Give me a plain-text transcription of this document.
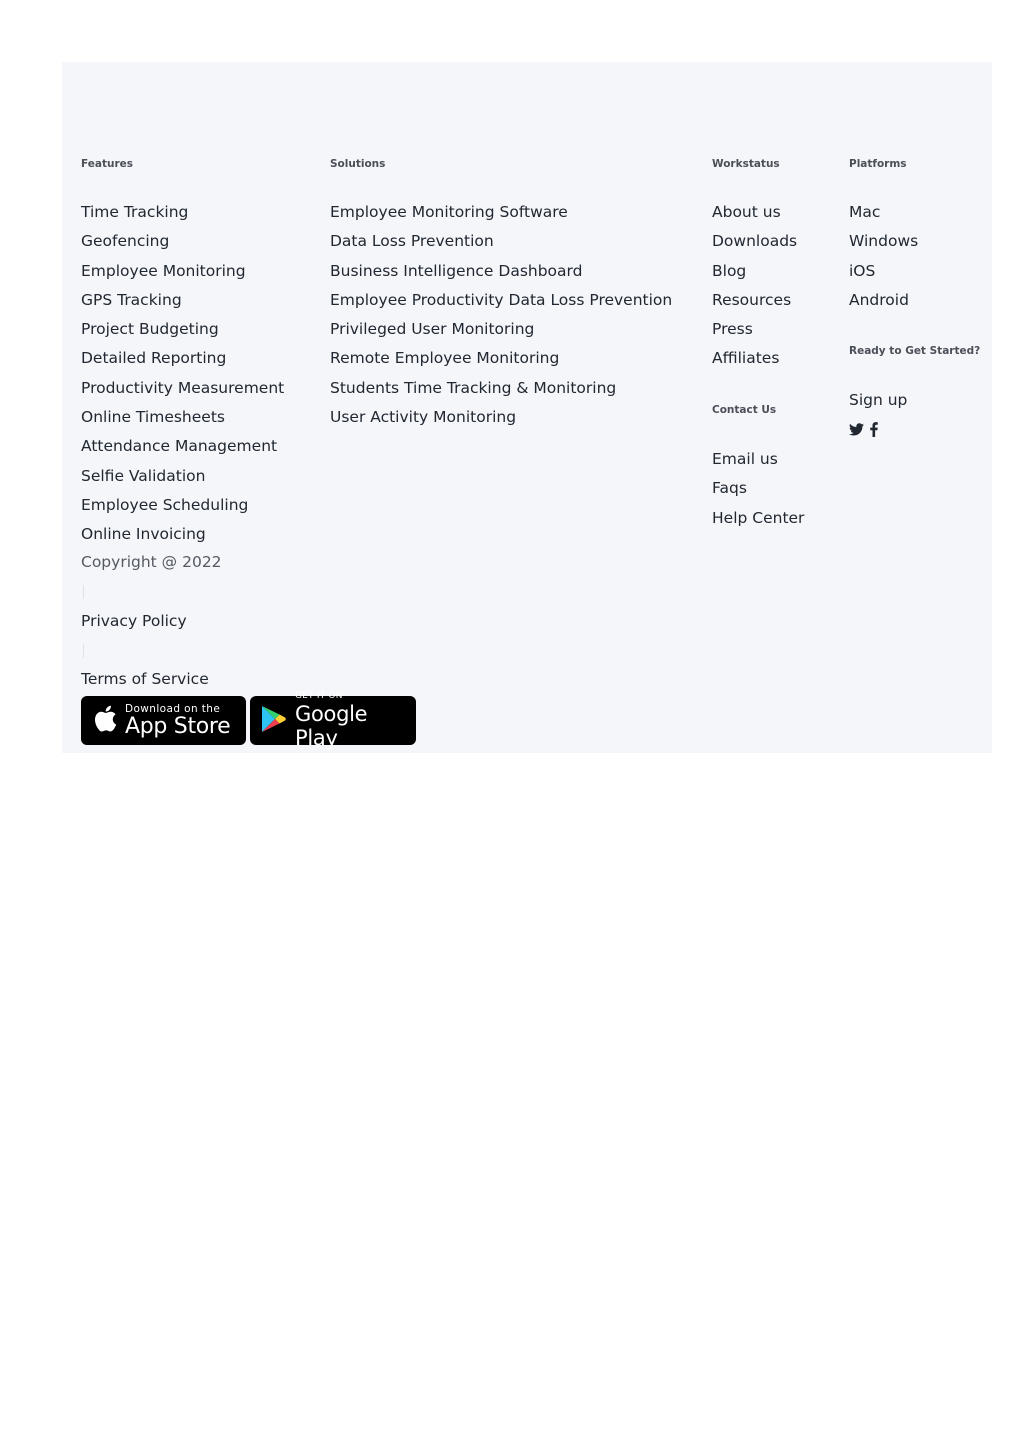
Features
Time Tracking
Geofencing
Employee Monitoring
GPS Tracking
Project Budgeting
Detailed Reporting
Productivity Measurement
Online Timesheets
Attendance Management
Selfie Validation
Employee Scheduling
Online Invoicing
Copyright @ 2022
Privacy Policy
Terms of Service
Download on the
App Store
GET IT ON
Google Play
Solutions
Employee Monitoring Software
Data Loss Prevention
Business Intelligence Dashboard
Employee Productivity Data Loss Prevention
Privileged User Monitoring
Remote Employee Monitoring
Students Time Tracking & Monitoring
User Activity Monitoring
Workstatus
About us
Downloads
Blog
Resources
Press
Affiliates
Contact Us
Email us
Faqs
Help Center
Platforms
Mac
Windows
iOS
Android
Ready to Get Started?
Sign up
